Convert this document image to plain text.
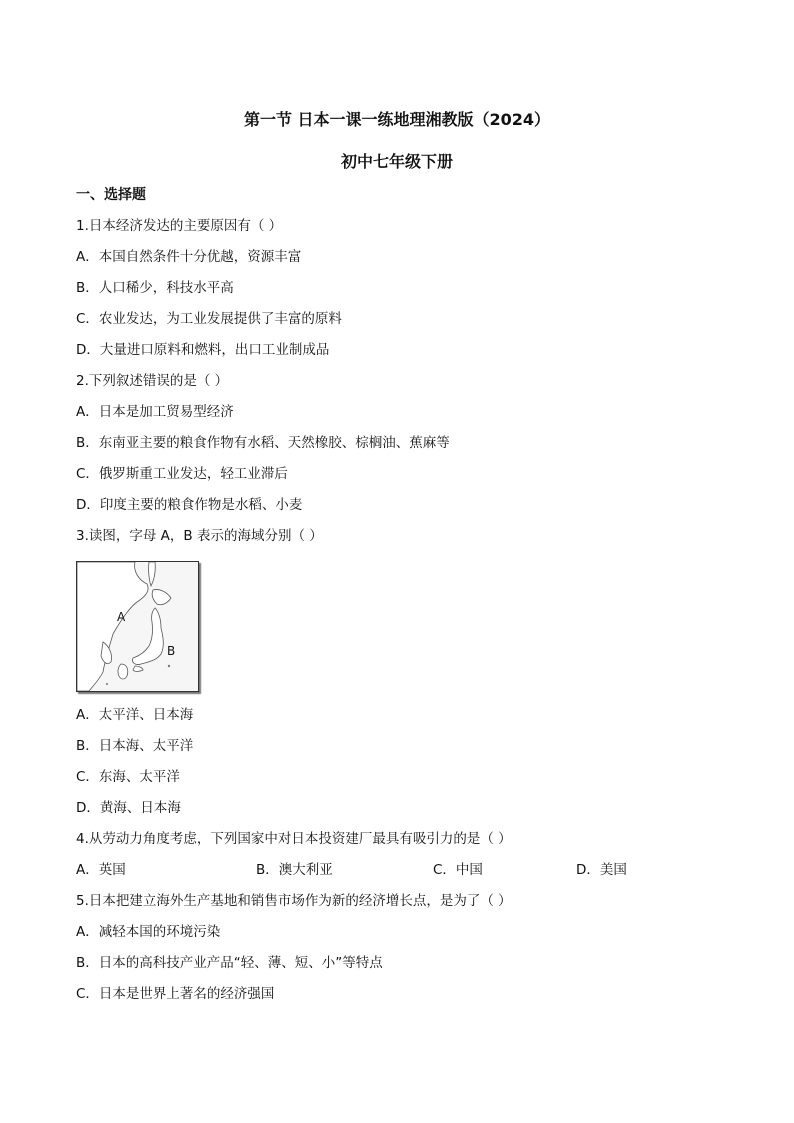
第一节 日本一课一练地理湘教版（2024）
初中七年级下册
一、选择题
1.日本经济发达的主要原因有（ ）
A．本国自然条件十分优越，资源丰富
B．人口稀少，科技水平高
C．农业发达，为工业发展提供了丰富的原料
D．大量进口原料和燃料，出口工业制成品
2.下列叙述错误的是（ ）
A．日本是加工贸易型经济
B．东南亚主要的粮食作物有水稻、天然橡胶、棕榈油、蕉麻等
C．俄罗斯重工业发达，轻工业滞后
D．印度主要的粮食作物是水稻、小麦
3.读图，字母 A，B 表示的海域分别（ ）
A
B
A．太平洋、日本海
B．日本海、太平洋
C．东海、太平洋
D．黄海、日本海
4.从劳动力角度考虑，下列国家中对日本投资建厂最具有吸引力的是（ ）
A．英国	B．澳大利亚	C．中国	D．美国
5.日本把建立海外生产基地和销售市场作为新的经济增长点，是为了（ ）
A．减轻本国的环境污染
B．日本的高科技产业产品“轻、薄、短、小”等特点
C．日本是世界上著名的经济强国
